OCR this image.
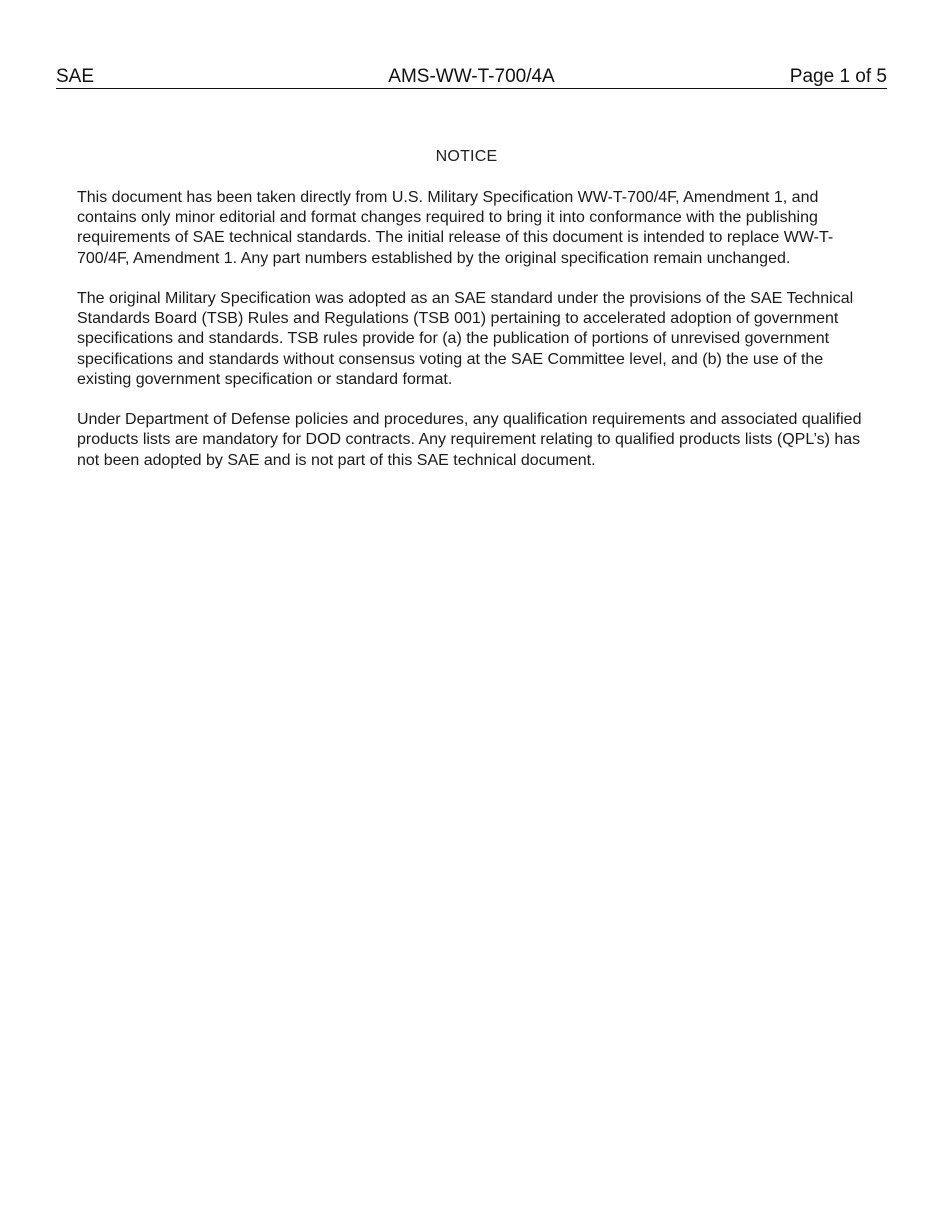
SAE	AMS-WW-T-700/4A	Page 1 of 5
NOTICE

This document has been taken directly from U.S. Military Specification WW-T-700/4F, Amendment 1, and contains only minor editorial and format changes required to bring it into conformance with the publishing requirements of SAE technical standards. The initial release of this document is intended to replace WW-T-700/4F, Amendment 1. Any part numbers established by the original specification remain unchanged.

The original Military Specification was adopted as an SAE standard under the provisions of the SAE Technical Standards Board (TSB) Rules and Regulations (TSB 001) pertaining to accelerated adoption of government specifications and standards. TSB rules provide for (a) the publication of portions of unrevised government specifications and standards without consensus voting at the SAE Committee level, and (b) the use of the existing government specification or standard format.

Under Department of Defense policies and procedures, any qualification requirements and associated qualified products lists are mandatory for DOD contracts. Any requirement relating to qualified products lists (QPL’s) has not been adopted by SAE and is not part of this SAE technical document.
